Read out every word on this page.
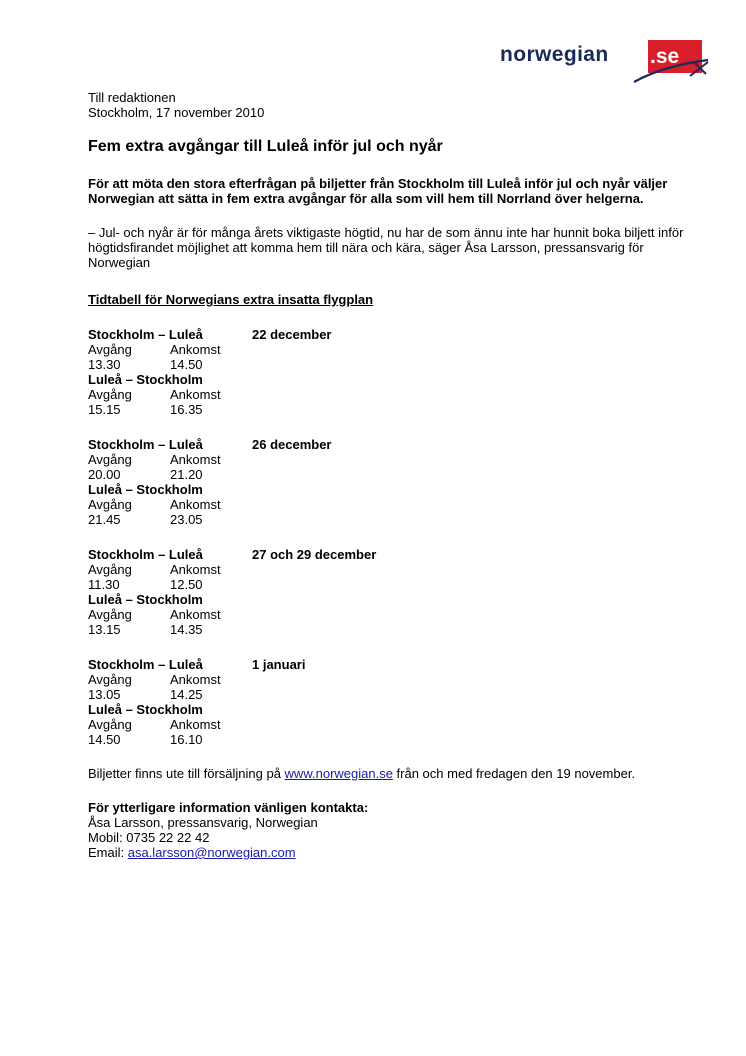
norwegian .se

Till redaktionen

Stockholm, 17 november 2010

Fem extra avgångar till Luleå inför jul och nyår

För att möta den stora efterfrågan på biljetter från Stockholm till Luleå inför jul och nyår väljer Norwegian att sätta in fem extra avgångar för alla som vill hem till Norrland över helgerna.

– Jul- och nyår är för många årets viktigaste högtid, nu har de som ännu inte har hunnit boka biljett inför högtidsfirandet möjlighet att komma hem till nära och kära, säger Åsa Larsson, pressansvarig för Norwegian

Tidtabell för Norwegians extra insatta flygplan

Stockholm – Luleå	22 december
Avgång	Ankomst
13.30	14.50
Luleå – Stockholm
Avgång	Ankomst
15.15	16.35
Stockholm – Luleå	26 december
Avgång	Ankomst
20.00	21.20
Luleå – Stockholm
Avgång	Ankomst
21.45	23.05
Stockholm – Luleå	27 och 29 december
Avgång	Ankomst
11.30	12.50
Luleå – Stockholm
Avgång	Ankomst
13.15	14.35
Stockholm – Luleå	1 januari
Avgång	Ankomst
13.05	14.25
Luleå – Stockholm
Avgång	Ankomst
14.50	16.10

Biljetter finns ute till försäljning på www.norwegian.se från och med fredagen den 19 november.

För ytterligare information vänligen kontakta:

Åsa Larsson, pressansvarig, Norwegian

Mobil: 0735 22 22 42

Email: asa.larsson@norwegian.com
